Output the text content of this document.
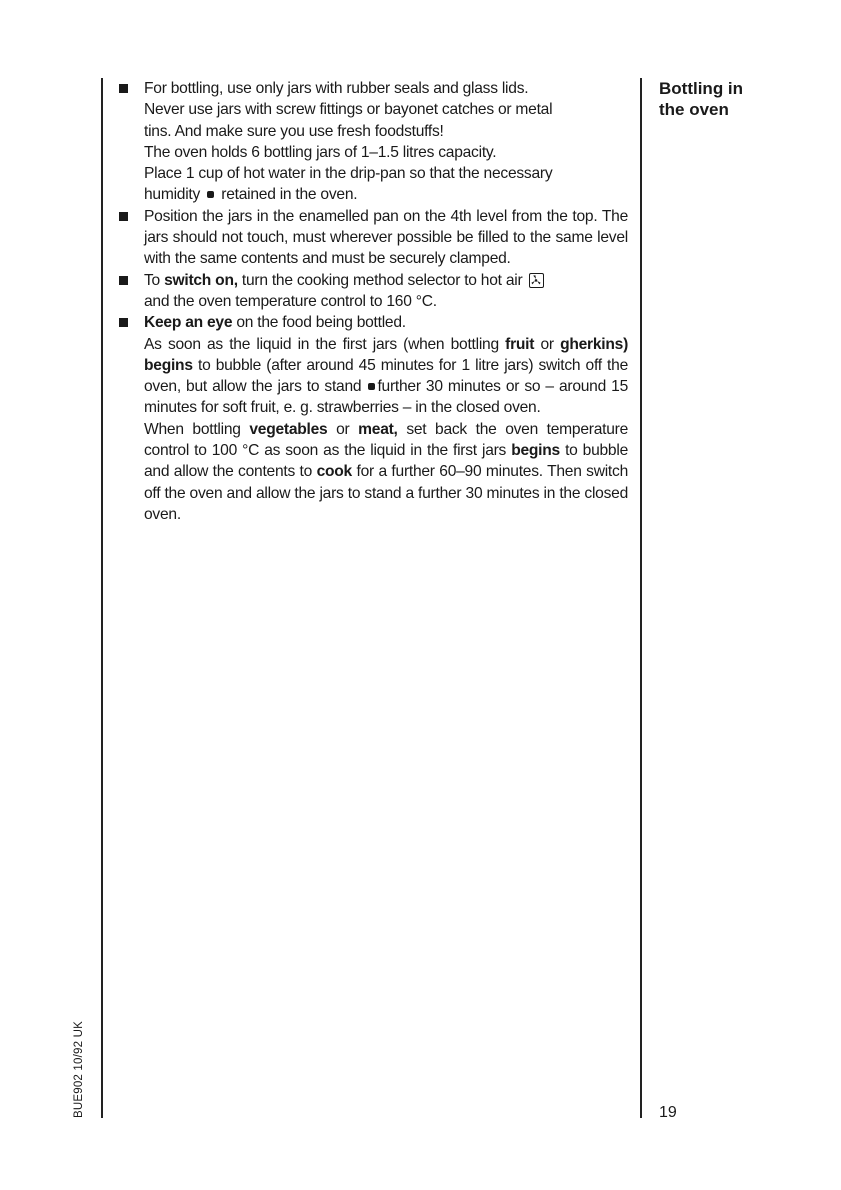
For bottling, use only jars with rubber seals and glass lids.
Never use jars with screw fittings or bayonet catches or metal
tins. And make sure you use fresh foodstuffs!
The oven holds 6 bottling jars of 1–1.5 litres capacity.
Place 1 cup of hot water in the drip-pan so that the necessary
humidity retained in the oven.

Position the jars in the enamelled pan on the 4th level from the top. The jars should not touch, must wherever possible be filled to the same level with the same contents and must be securely clamped.

To switch on, turn the cooking method selector to hot air

and the oven temperature control to 160 °C.

Keep an eye on the food being bottled.
As soon as the liquid in the first jars (when bottling fruit or gherkins) begins to bubble (after around 45 minutes for 1 litre jars) switch off the oven, but allow the jars to stand further 30 minutes or so – around 15 minutes for soft fruit, e. g. strawberries – in the closed oven.
When bottling vegetables or meat, set back the oven temperature control to 100 °C as soon as the liquid in the first jars begins to bubble and allow the contents to cook for a further 60–90 minutes. Then switch off the oven and allow the jars to stand a further 30 minutes in the closed oven.

Bottling in the oven
BUE902 10/92 UK	19
